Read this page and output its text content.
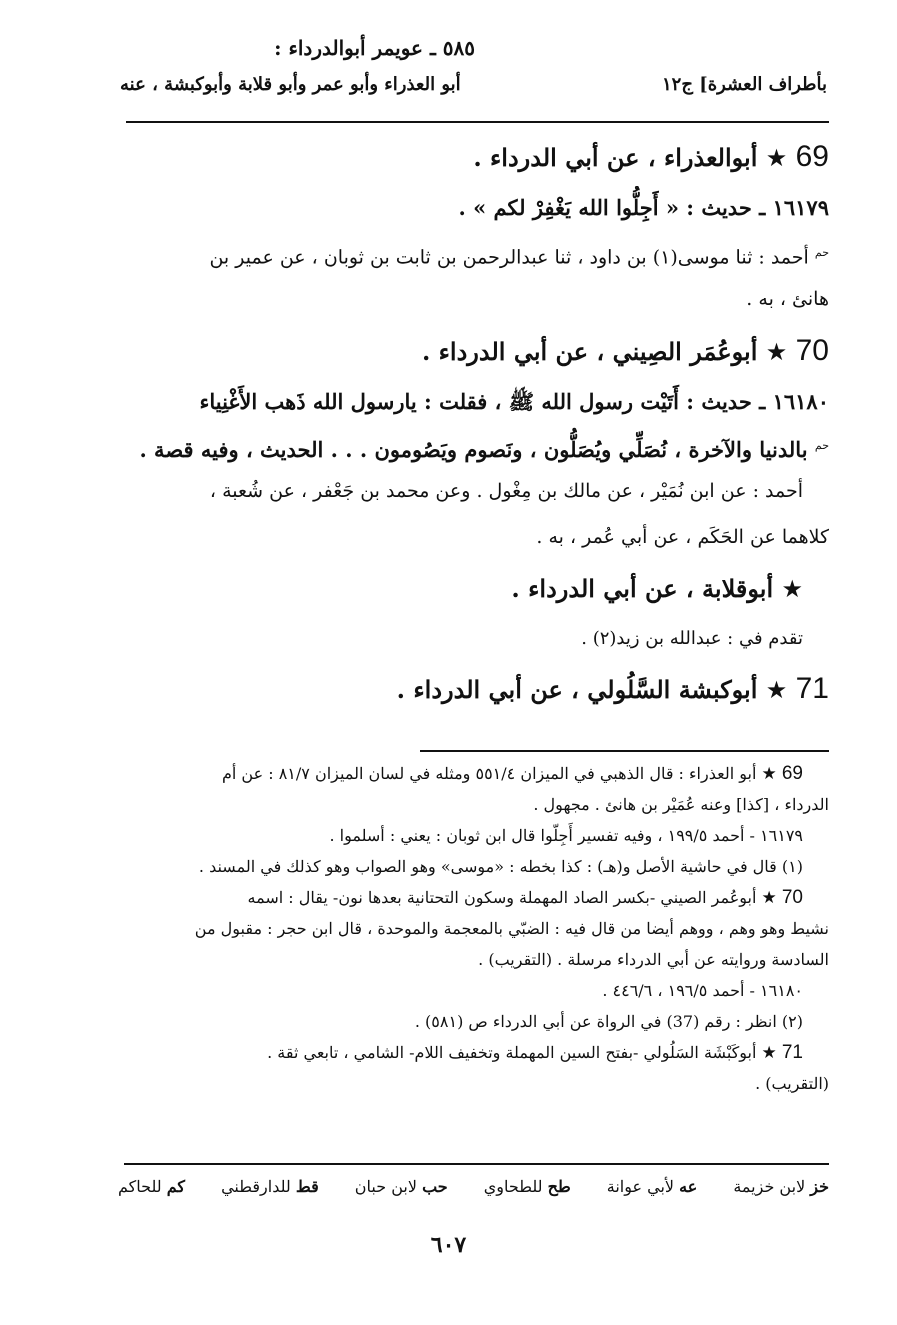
٥٨٥ ـ عويمر أبوالدرداء :
أبو العذراء وأبو عمر وأبو قلابة وأبوكبشة ، عنه	بأطراف العشرة] ج١٢
69 ★ أبوالعذراء ، عن أبي الدرداء .
١٦١٧٩ ـ حديث : « أَجِلُّوا الله يَغْفِرْ لكم » .
$^{حم}$ أحمد : ثنا موسى(١) بن داود ، ثنا عبدالرحمن بن ثابت بن ثوبان ، عن عمير بن
هانئ ، به .
70 ★ أبوعُمَر الصِيني ، عن أبي الدرداء .
١٦١٨٠ ـ حديث : أَتَيْت رسول الله ﷺ ، فقلت : يارسول الله ذَهب الأَغْنِياء
$^{حم}$ بالدنيا والآخرة ، نُصَلِّي ويُصَلُّون ، ونَصوم ويَصُومون . . . الحديث ، وفيه قصة .
أحمد : عن ابن نُمَيْر ، عن مالك بن مِغْول . وعن محمد بن جَعْفر ، عن شُعبة ،
كلاهما عن الحَكَم ، عن أبي عُمر ، به .
★ أبوقلابة ، عن أبي الدرداء .
تقدم في : عبدالله بن زيد(٢) .
71 ★ أبوكبشة السَّلُولي ، عن أبي الدرداء .
69 ★ أبو العذراء : قال الذهبي في الميزان ٥٥١/٤ ومثله في لسان الميزان ٨١/٧ : عن أم
الدرداء ، [كذا] وعنه عُمَيْر بن هانئ . مجهول .
١٦١٧٩ - أحمد ١٩٩/٥ ، وفيه تفسير أَجِلّوا قال ابن ثوبان : يعني : أسلموا .
(١) قال في حاشية الأصل و(هـ) : كذا بخطه : «موسى» وهو الصواب وهو كذلك في المسند .
70 ★ أبوعُمر الصيني -بكسر الصاد المهملة وسكون التحتانية بعدها نون- يقال : اسمه
نشيط وهو وهم ، ووهم أيضا من قال فيه : الضبّي بالمعجمة والموحدة ، قال ابن حجر : مقبول من
السادسة وروايته عن أبي الدرداء مرسلة . (التقريب) .
١٦١٨٠ - أحمد ١٩٦/٥ ، ٤٤٦/٦ .
(٢) انظر : رقم (37) في الرواة عن أبي الدرداء ص (٥٨١) .
71 ★ أبوكَبْشَة السَلُولي -بفتح السين المهملة وتخفيف اللام- الشامي ، تابعي ثقة .
(التقريب) .
خز لابن خزيمة
عه لأبي عوانة
طح للطحاوي
حب لابن حبان
قط للدارقطني
كم للحاكم
٦٠٧
